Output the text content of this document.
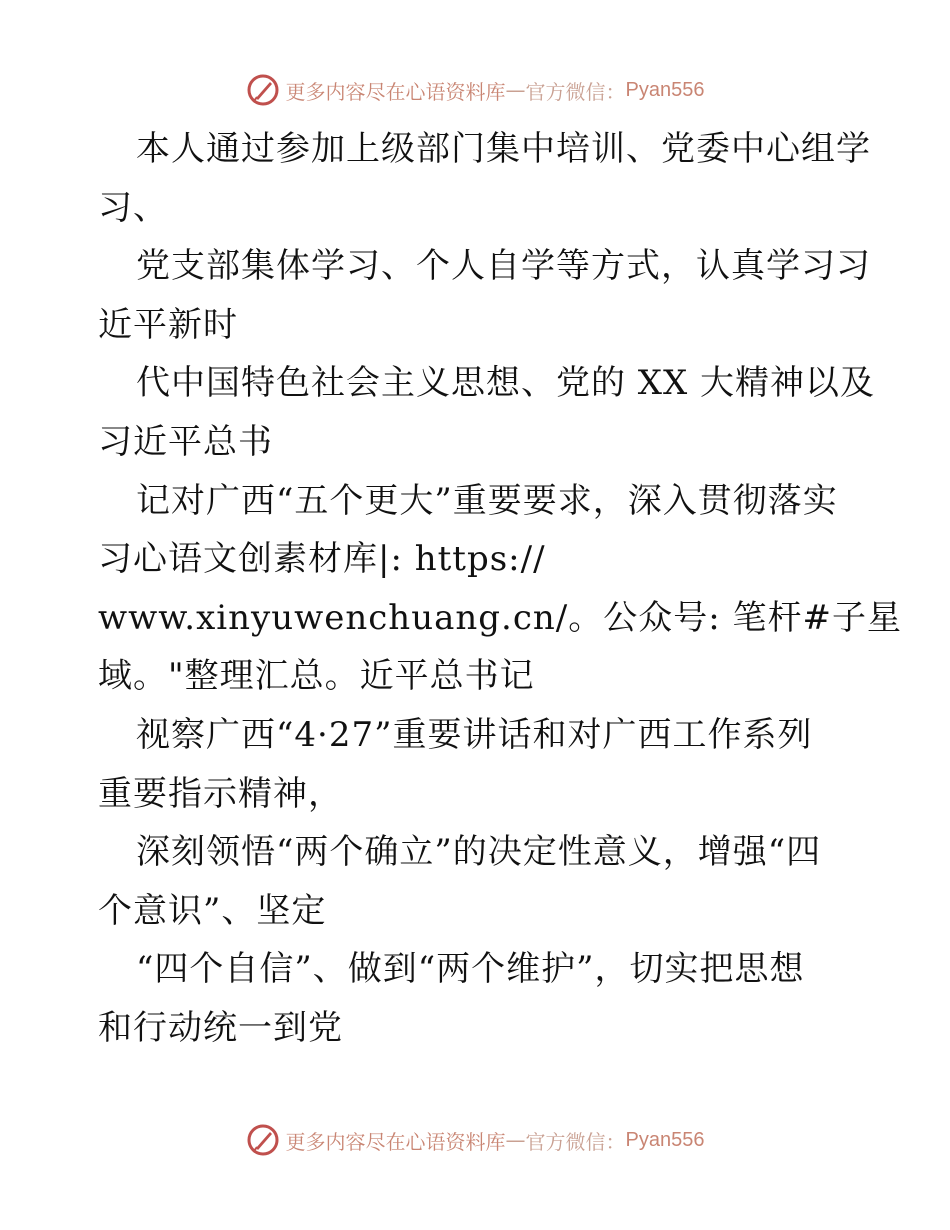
更多内容尽在心语资料库 — 官方微信： Pyan556
本人通过参加上级部门集中培训、党委中心组学
习、
党支部集体学习、个人自学等方式，认真学习习
近平新时
代中国特色社会主义思想、党的 XX 大精神以及
习近平总书
记对广西“五个更大”重要要求，深入贯彻落实
习心语文创素材库|: https://
www.xinyuwenchuang.cn/。公众号: 笔杆#子星
域。"整理汇总。近平总书记
视察广西“4·27”重要讲话和对广西工作系列
重要指示精神，
深刻领悟“两个确立”的决定性意义，增强“四
个意识”、坚定
“四个自信”、做到“两个维护”，切实把思想
和行动统一到党
更多内容尽在心语资料库 — 官方微信： Pyan556
